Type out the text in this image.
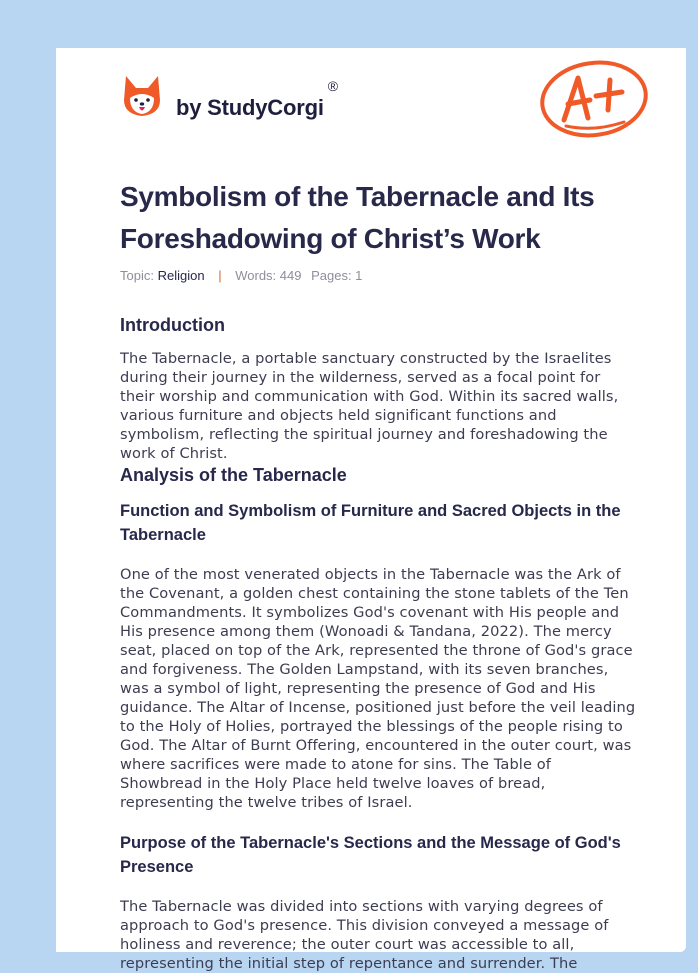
by StudyCorgi
®
Symbolism of the Tabernacle and Its Foreshadowing of Christ’s Work
Topic: Religion | Words: 449 Pages: 1
Introduction

The Tabernacle, a portable sanctuary constructed by the Israelites during their journey in the wilderness, served as a focal point for their worship and communication with God. Within its sacred walls, various furniture and objects held significant functions and symbolism, reflecting the spiritual journey and foreshadowing the work of Christ.

Analysis of the Tabernacle
Function and Symbolism of Furniture and Sacred Objects in the Tabernacle

One of the most venerated objects in the Tabernacle was the Ark of the Covenant, a golden chest containing the stone tablets of the Ten Commandments. It symbolizes God's covenant with His people and His presence among them (Wonoadi & Tandana, 2022). The mercy seat, placed on top of the Ark, represented the throne of God's grace and forgiveness. The Golden Lampstand, with its seven branches, was a symbol of light, representing the presence of God and His guidance. The Altar of Incense, positioned just before the veil leading to the Holy of Holies, portrayed the blessings of the people rising to God. The Altar of Burnt Offering, encountered in the outer court, was where sacrifices were made to atone for sins. The Table of Showbread in the Holy Place held twelve loaves of bread, representing the twelve tribes of Israel.

Purpose of the Tabernacle's Sections and the Message of God's Presence

The Tabernacle was divided into sections with varying degrees of approach to God's presence. This division conveyed a message of holiness and reverence; the outer court was accessible to all, representing the initial step of repentance and surrender. The
